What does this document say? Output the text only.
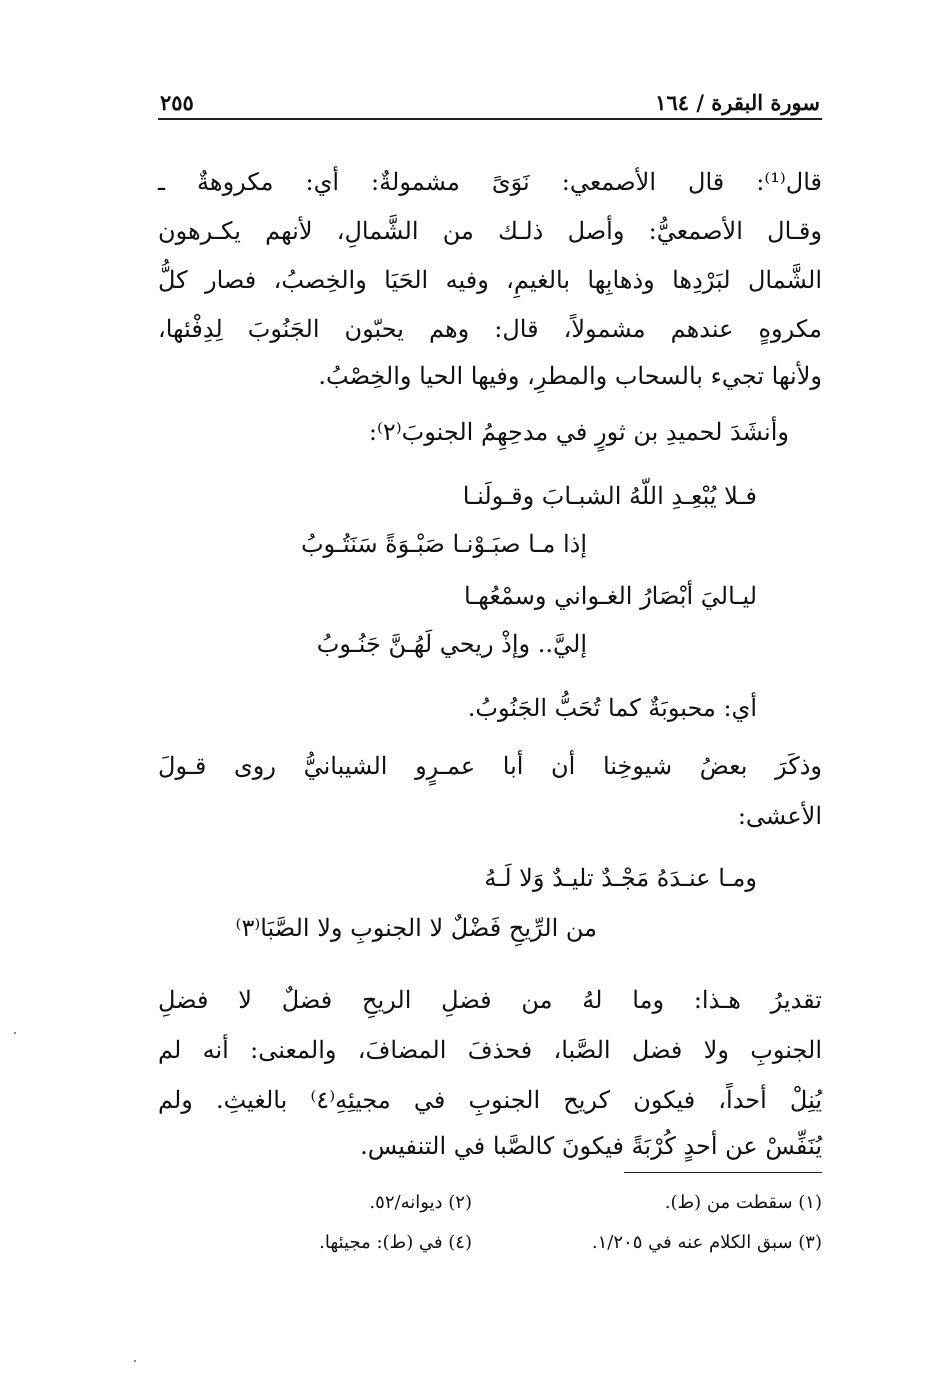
سورة البقرة / ١٦٤
٢٥٥
قال⁽¹⁾: قال الأصمعي: نَوَىً مشمولةٌ: أي: مكروهةٌ ـ
وقـال الأصمعيُّ: وأصل ذلـك من الشَّمالِ، لأنهم يكـرهون
الشَّمال لبَرْدِها وذهابِها بالغيمِ، وفيه الحَيَا والخِصبُ، فصار كلُّ
مكروهٍ عندهم مشمولاً، قال: وهم يحبّون الجَنُوبَ لِدِفْئها،
ولأنها تجيء بالسحاب والمطرِ، وفيها الحيا والخِصْبُ.
وأنشَدَ لحميدِ بن ثورٍ في مدحِهِمُ الجنوبَ⁽٢⁾:
فـلا يُبْعِـدِ اللّهُ الشبـابَ وقـولَنـا
إذا مـا صبَـوْنـا صَبْـوَةً سَنَتُـوبُ
ليـاليَ أبْصَارُ الغـواني وسمْعُهـا
إليَّ.. وإذْ ريحي لَهُـنَّ جَنُـوبُ
أي: محبوبَةٌ كما تُحَبُّ الجَنُوبُ.
وذكَرَ بعضُ شيوخِنا أن أبا عمـرٍو الشيبانيُّ روى قـولَ
الأعشى:
ومـا عنـدَهُ مَجْـدٌ تليـدٌ وَلا لَـهُ
من الرِّيحِ فَضْلٌ لا الجنوبِ ولا الصَّبَا⁽٣⁾
تقديرُ هـذا: وما لهُ من فضلِ الريحِ فضلٌ لا فضلِ
الجنوبِ ولا فضل الصَّبا، فحذفَ المضافَ، والمعنى: أنه لم
يُنِلْ أحداً، فيكون كريح الجنوبِ في مجيئِهِ⁽٤⁾ بالغيثِ. ولم
يُنَفِّسْ عن أحدٍ كُرْبَةً فيكونَ كالصَّبا في التنفيس.
(١) سقطت من (ط).
(٢) ديوانه/٥٢.
(٣) سبق الكلام عنه في ١/٢٠٥.
(٤) في (ط): مجيئها.
